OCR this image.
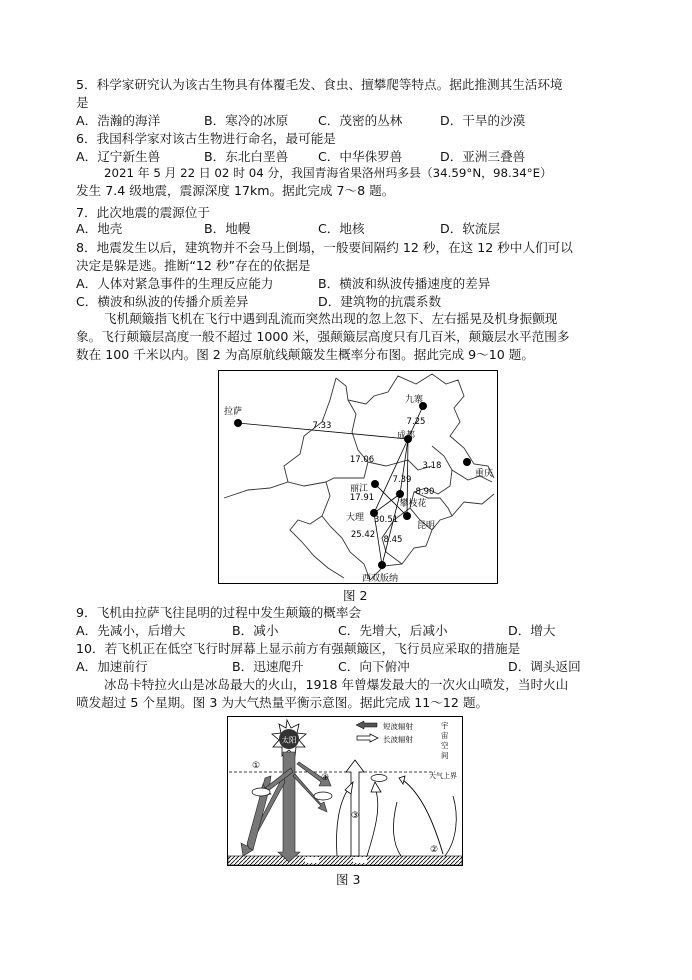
5．科学家研究认为该古生物具有体覆毛发、食虫、擅攀爬等特点。据此推测其生活环境
是
A．浩瀚的海洋	B．寒冷的冰原 C．茂密的丛林	D．干旱的沙漠
6．我国科学家对该古生物进行命名，最可能是
A．辽宁新生兽	B．东北白垩兽 C．中华侏罗兽	D．亚洲三叠兽
2021 年 5 月 22 日 02 时 04 分，我国青海省果洛州玛多县（34.59°N，98.34°E）
发生 7.4 级地震，震源深度 17km。据此完成 7～8 题。
7．此次地震的震源位于
A．地壳	B．地幔	C．地核	D．软流层
8．地震发生以后，建筑物并不会马上倒塌，一般要间隔约 12 秒，在这 12 秒中人们可以
决定是躲是逃。推断“12 秒”存在的依据是
A．人体对紧急事件的生理反应能力	B．横波和纵波传播速度的差异
C．横波和纵波的传播介质差异	D．建筑物的抗震系数
飞机颠簸指飞机在飞行中遇到乱流而突然出现的忽上忽下、左右摇晃及机身振颤现
象。飞行颠簸层高度一般不超过 1000 米，强颠簸层高度只有几百米，颠簸层水平范围多
数在 100 千米以内。图 2 为高原航线颠簸发生概率分布图。据此完成 9～10 题。
7.33	7.25
17.06
3.18
7.39
17.91
8.90
30.51
25.42 8.45
拉萨
九寨
成都
重庆
丽江
攀枝花
大理
昆明
西双版纳
图 2
9．飞机由拉萨飞往昆明的过程中发生颠簸的概率会
A．先减小，后增大	B．减小	C．先增大，后减小	D．增大
10．若飞机正在低空飞行时屏幕上显示前方有强颠簸区，飞行员应采取的措施是
A．加速前行	B．迅速爬升	C．向下俯冲	D．调头返回
冰岛卡特拉火山是冰岛最大的火山，1918 年曾爆发最大的一次火山喷发，当时火山
喷发超过 5 个星期。图 3 为大气热量平衡示意图。据此完成 11～12 题。
短波辐射
长波辐射
宇
宙
空
间
大气上界
太阳
①
②
③
④
图 3
